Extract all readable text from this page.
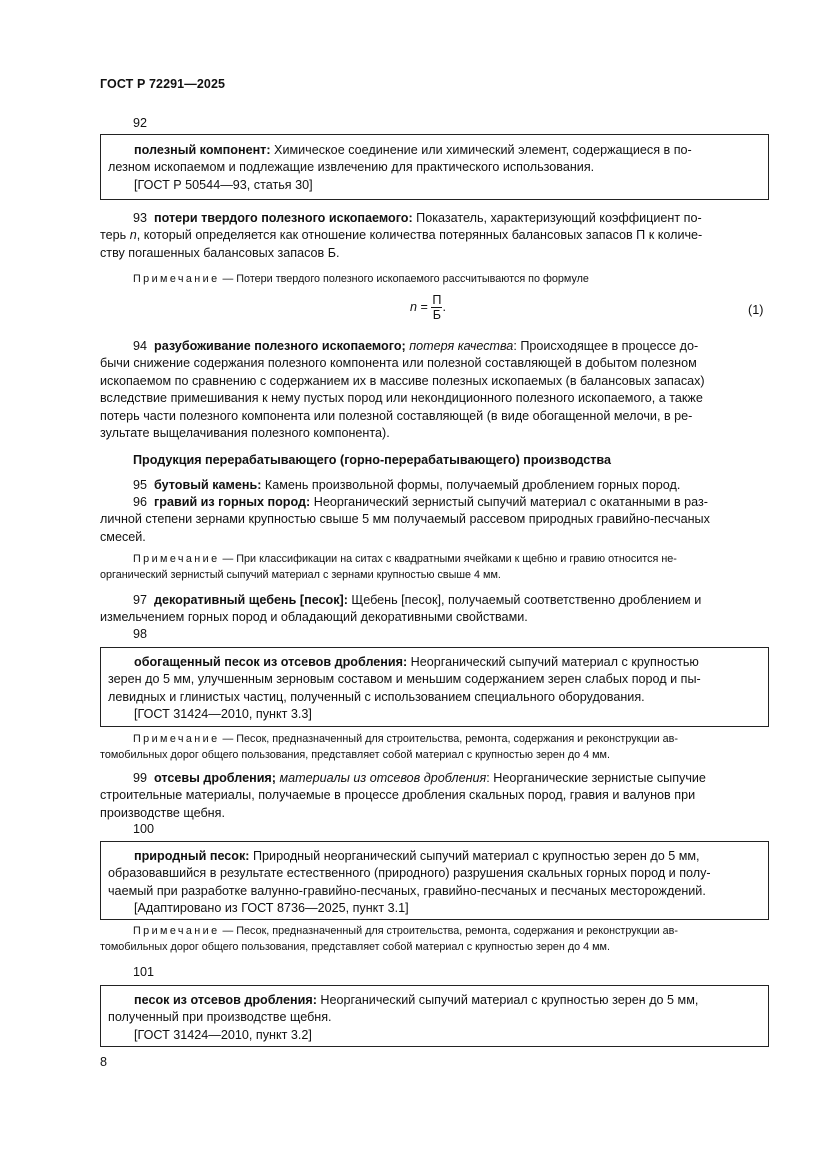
ГОСТ Р 72291—2025
92
полезный компонент: Химическое соединение или химический элемент, содержащиеся в по-
лезном ископаемом и подлежащие извлечению для практического использования.
[ГОСТ Р 50544—93, статья 30]
93 потери твердого полезного ископаемого: Показатель, характеризующий коэффициент по-
терь n, который определяется как отношение количества потерянных балансовых запасов П к количе-
ству погашенных балансовых запасов Б.
Примечание — Потери твердого полезного ископаемого рассчитываются по формуле
$n = \frac{П}{Б}$ .	(1)
94 разубоживание полезного ископаемого; потеря качества: Происходящее в процессе до-
бычи снижение содержания полезного компонента или полезной составляющей в добытом полезном
ископаемом по сравнению с содержанием их в массиве полезных ископаемых (в балансовых запасах)
вследствие примешивания к нему пустых пород или некондиционного полезного ископаемого, а также
потерь части полезного компонента или полезной составляющей (в виде обогащенной мелочи, в ре-
зультате выщелачивания полезного компонента).
Продукция перерабатывающего (горно-перерабатывающего) производства
95 бутовый камень: Камень произвольной формы, получаемый дроблением горных пород.
96 гравий из горных пород: Неорганический зернистый сыпучий материал с окатанными в раз-
личной степени зернами крупностью свыше 5 мм получаемый рассевом природных гравийно-песчаных
смесей.
Примечание — При классификации на ситах с квадратными ячейками к щебню и гравию относится не-
органический зернистый сыпучий материал с зернами крупностью свыше 4 мм.
97 декоративный щебень [песок]: Щебень [песок], получаемый соответственно дроблением и
измельчением горных пород и обладающий декоративными свойствами.
98
обогащенный песок из отсевов дробления: Неорганический сыпучий материал с крупностью
зерен до 5 мм, улучшенным зерновым составом и меньшим содержанием зерен слабых пород и пы-
левидных и глинистых частиц, полученный с использованием специального оборудования.
[ГОСТ 31424—2010, пункт 3.3]
Примечание — Песок, предназначенный для строительства, ремонта, содержания и реконструкции ав-
томобильных дорог общего пользования, представляет собой материал с крупностью зерен до 4 мм.
99 отсевы дробления; материалы из отсевов дробления: Неорганические зернистые сыпучие
строительные материалы, получаемые в процессе дробления скальных пород, гравия и валунов при
производстве щебня.
100
природный песок: Природный неорганический сыпучий материал с крупностью зерен до 5 мм,
образовавшийся в результате естественного (природного) разрушения скальных горных пород и полу-
чаемый при разработке валунно-гравийно-песчаных, гравийно-песчаных и песчаных месторождений.
[Адаптировано из ГОСТ 8736—2025, пункт 3.1]
Примечание — Песок, предназначенный для строительства, ремонта, содержания и реконструкции ав-
томобильных дорог общего пользования, представляет собой материал с крупностью зерен до 4 мм.
101
песок из отсевов дробления: Неорганический сыпучий материал с крупностью зерен до 5 мм,
полученный при производстве щебня.
[ГОСТ 31424—2010, пункт 3.2]
8
